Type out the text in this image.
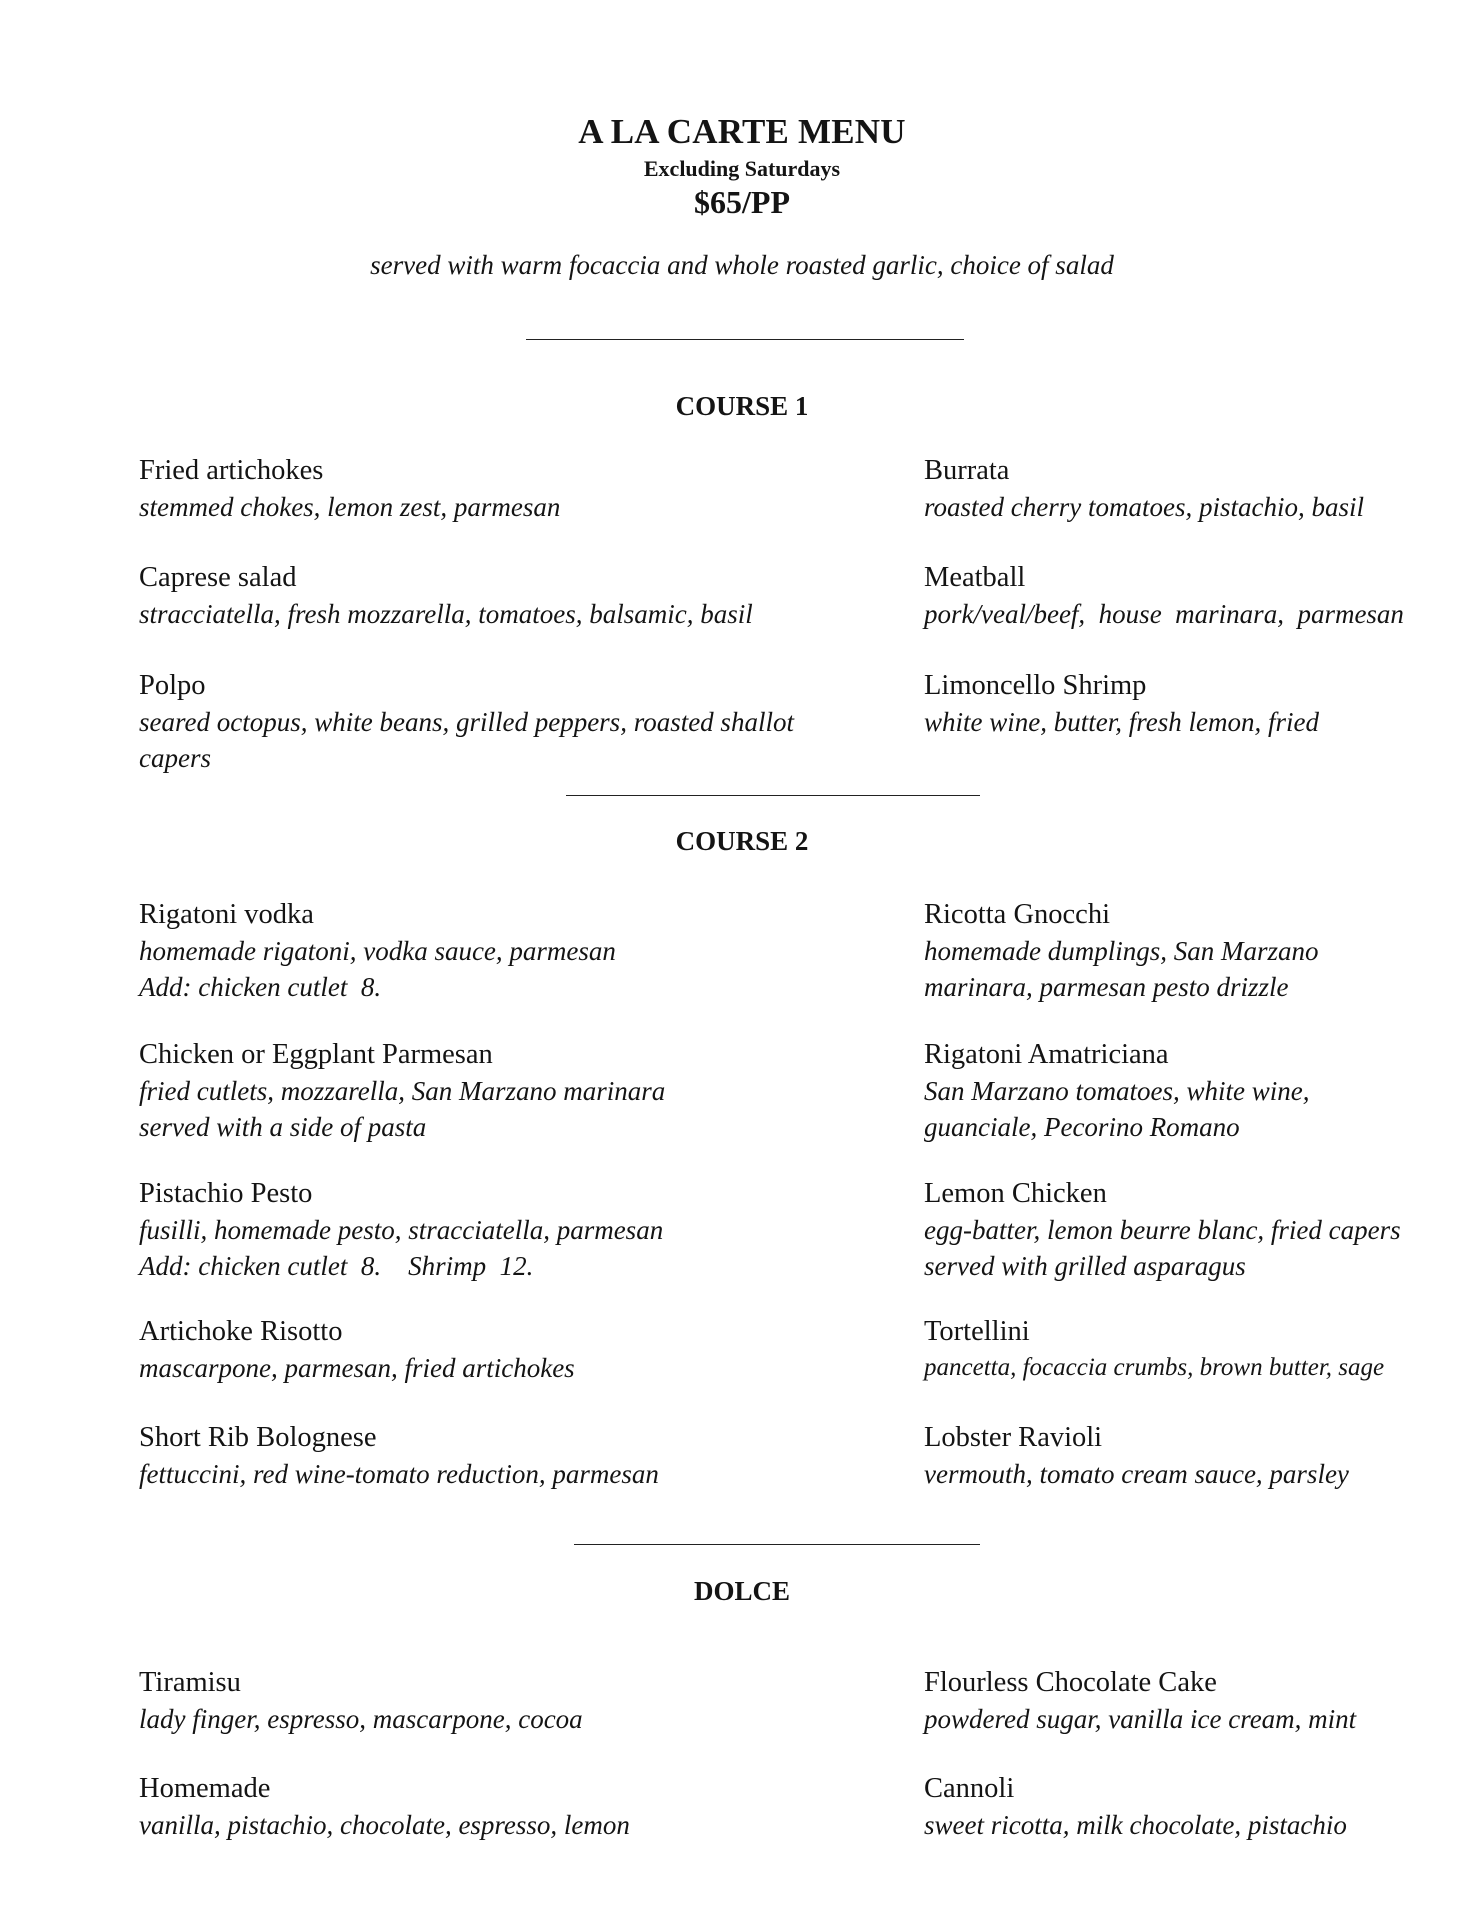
A LA CARTE MENU
Excluding Saturdays
$65/PP
served with warm focaccia and whole roasted garlic, choice of salad
COURSE 1
Fried artichokes
stemmed chokes, lemon zest, parmesan
Caprese salad
stracciatella, fresh mozzarella, tomatoes, balsamic, basil
Polpo
seared octopus, white beans, grilled peppers, roasted shallot
capers
Burrata
roasted cherry tomatoes, pistachio, basil
Meatball
pork/veal/beef,  house  marinara,  parmesan
Limoncello Shrimp
white wine, butter, fresh lemon, fried
COURSE 2
Rigatoni vodka
homemade rigatoni, vodka sauce, parmesan
Add: chicken cutlet  8.
Chicken or Eggplant Parmesan
fried cutlets, mozzarella, San Marzano marinara
served with a side of pasta
Pistachio Pesto
fusilli, homemade pesto, stracciatella, parmesan
Add: chicken cutlet  8.    Shrimp  12.
Artichoke Risotto
mascarpone, parmesan, fried artichokes
Short Rib Bolognese
fettuccini, red wine-tomato reduction, parmesan
Ricotta Gnocchi
homemade dumplings, San Marzano
marinara, parmesan pesto drizzle
Rigatoni Amatriciana
San Marzano tomatoes, white wine,
guanciale, Pecorino Romano
Lemon Chicken
egg-batter, lemon beurre blanc, fried capers
served with grilled asparagus
Tortellini
pancetta, focaccia crumbs, brown butter, sage
Lobster Ravioli
vermouth, tomato cream sauce, parsley
DOLCE
Tiramisu
lady finger, espresso, mascarpone, cocoa
Homemade
vanilla, pistachio, chocolate, espresso, lemon
Flourless Chocolate Cake
powdered sugar, vanilla ice cream, mint
Cannoli
sweet ricotta, milk chocolate, pistachio
